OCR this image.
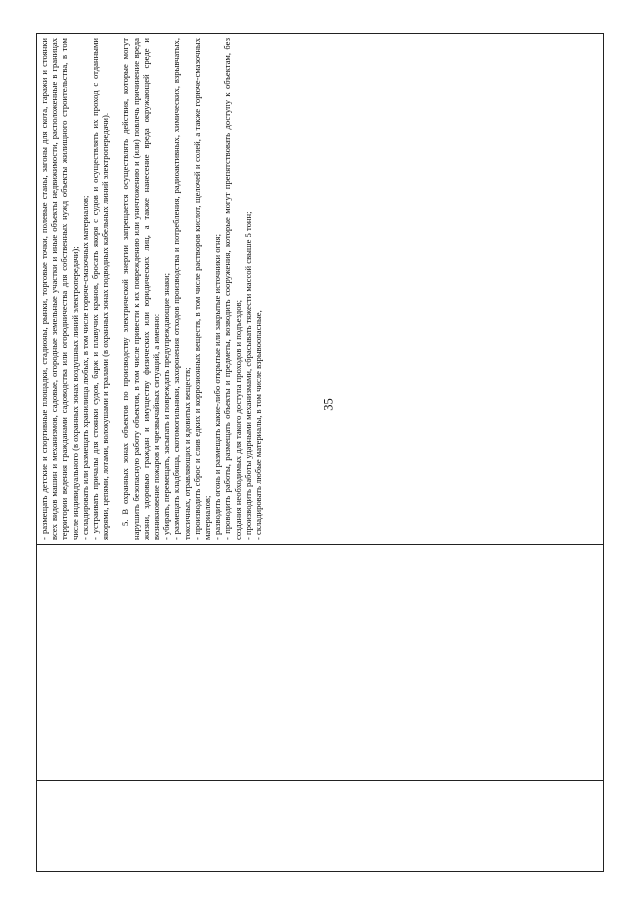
35

- размещать детские и спортивные площадки, стадионы, рынки, торговые точки, полевые станы, загоны для скота, гаражи и стоянки всех видов машин и механизмов, садовые, огородные земельные участки и иные объекты недвижимости, расположенные в границах территории ведения гражданами садоводства или огородничества для собственных нужд объекты жилищного строительства, в том числе индивидуального (в охранных зонах воздушных линий электропередачи); - складировать или размещать хранилища любых, в том числе горюче-смазочных материалов; - устраивать причалы для стоянки судов, барж и плавучих кранов, бросать якоря с судов и осуществлять их проход с отданными якорями, цепями, лотами, волокушами и тралами (в охранных зонах подводных кабельных линий электропередачи). 5. В охранных зонах объектов по производству электрической энергии запрещается осуществлять действия, которые могут нарушить безопасную работу объектов, в том числе привести к их повреждению или уничтожению и (или) повлечь причинение вреда жизни, здоровью граждан и имуществу физических или юридических лиц, а также нанесение вреда окружающей среде и возникновение пожаров и чрезвычайных ситуаций, а именно: - убирать, перемещать, засыпать и повреждать предупреждающие знаки; - размещать кладбища, скотомогильники, захоронения отходов производства и потребления, радиоактивных, химических, взрывчатых, токсичных, отравляющих и ядовитых веществ; - производить сброс и слив едких и коррозионных веществ, в том числе растворов кислот, щелочей и солей, а также горюче-смазочных материалов; - разводить огонь и размещать какие-либо открытые или закрытые источники огня; - проводить работы, размещать объекты и предметы, возводить сооружения, которые могут препятствовать доступу к объектам, без создания необходимых для такого доступа проходов и подъездов; - производить работы ударными механизмами, сбрасывать тяжести массой свыше 5 тонн; - складировать любые материалы, в том числе взрывоопасные,
